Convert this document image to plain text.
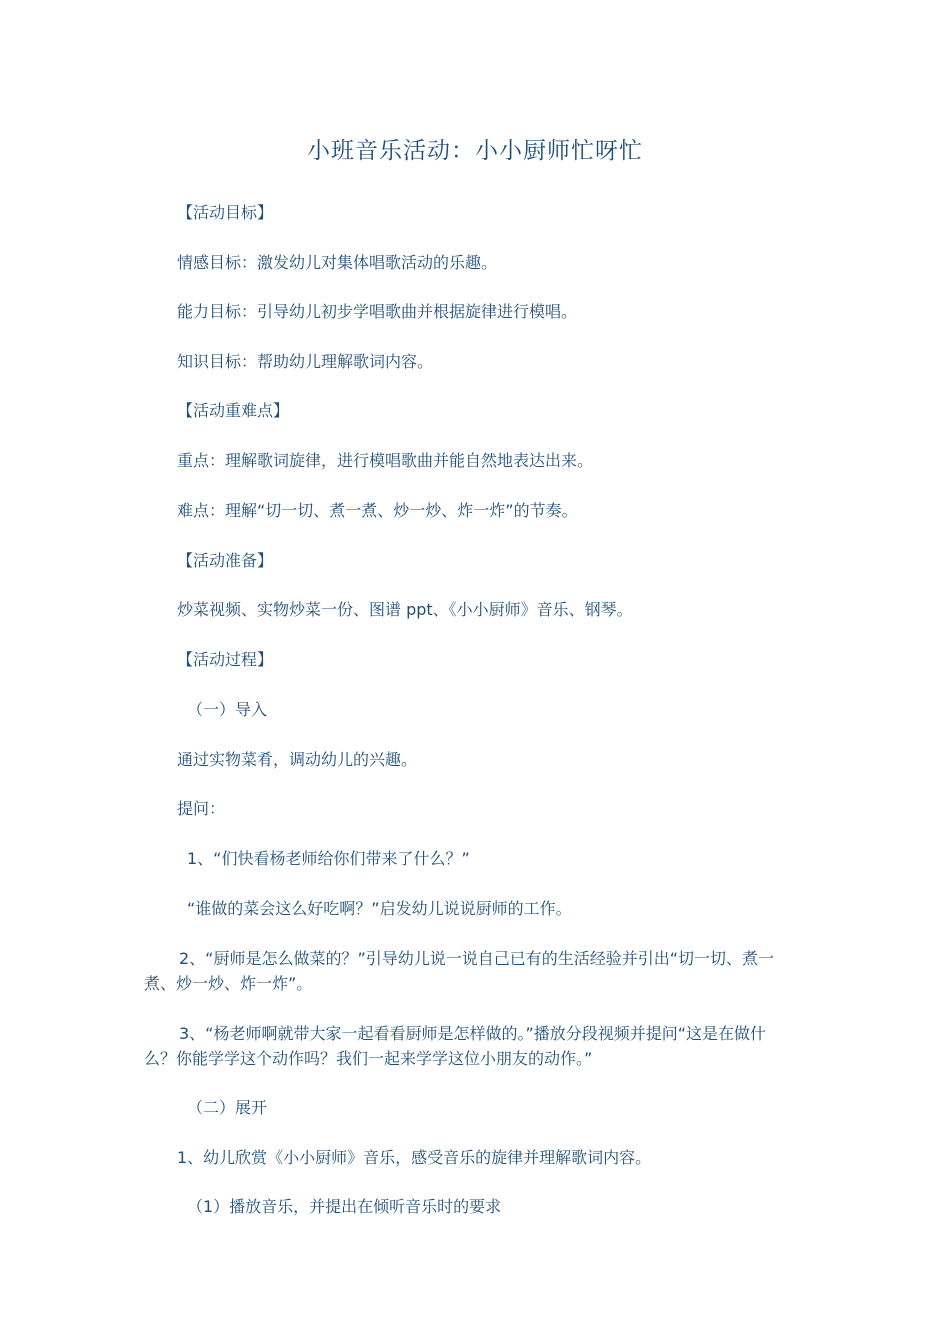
小班音乐活动：小小厨师忙呀忙

【活动目标】

情感目标：激发幼儿对集体唱歌活动的乐趣。

能力目标：引导幼儿初步学唱歌曲并根据旋律进行模唱。

知识目标：帮助幼儿理解歌词内容。

【活动重难点】

重点：理解歌词旋律，进行模唱歌曲并能自然地表达出来。

难点：理解“切一切、煮一煮、炒一炒、炸一炸”的节奏。

【活动准备】

炒菜视频、实物炒菜一份、图谱 ppt、《小小厨师》音乐、钢琴。

【活动过程】

（一）导入

通过实物菜肴，调动幼儿的兴趣。

提问：

1、“们快看杨老师给你们带来了什么？”

“谁做的菜会这么好吃啊？”启发幼儿说说厨师的工作。

2、“厨师是怎么做菜的？”引导幼儿说一说自己已有的生活经验并引出“切一切、煮一煮、炒一炒、炸一炸”。

3、“杨老师啊就带大家一起看看厨师是怎样做的。”播放分段视频并提问“这是在做什么？你能学学这个动作吗？我们一起来学学这位小朋友的动作。”

（二）展开

1、幼儿欣赏《小小厨师》音乐，感受音乐的旋律并理解歌词内容。

（1）播放音乐，并提出在倾听音乐时的要求
